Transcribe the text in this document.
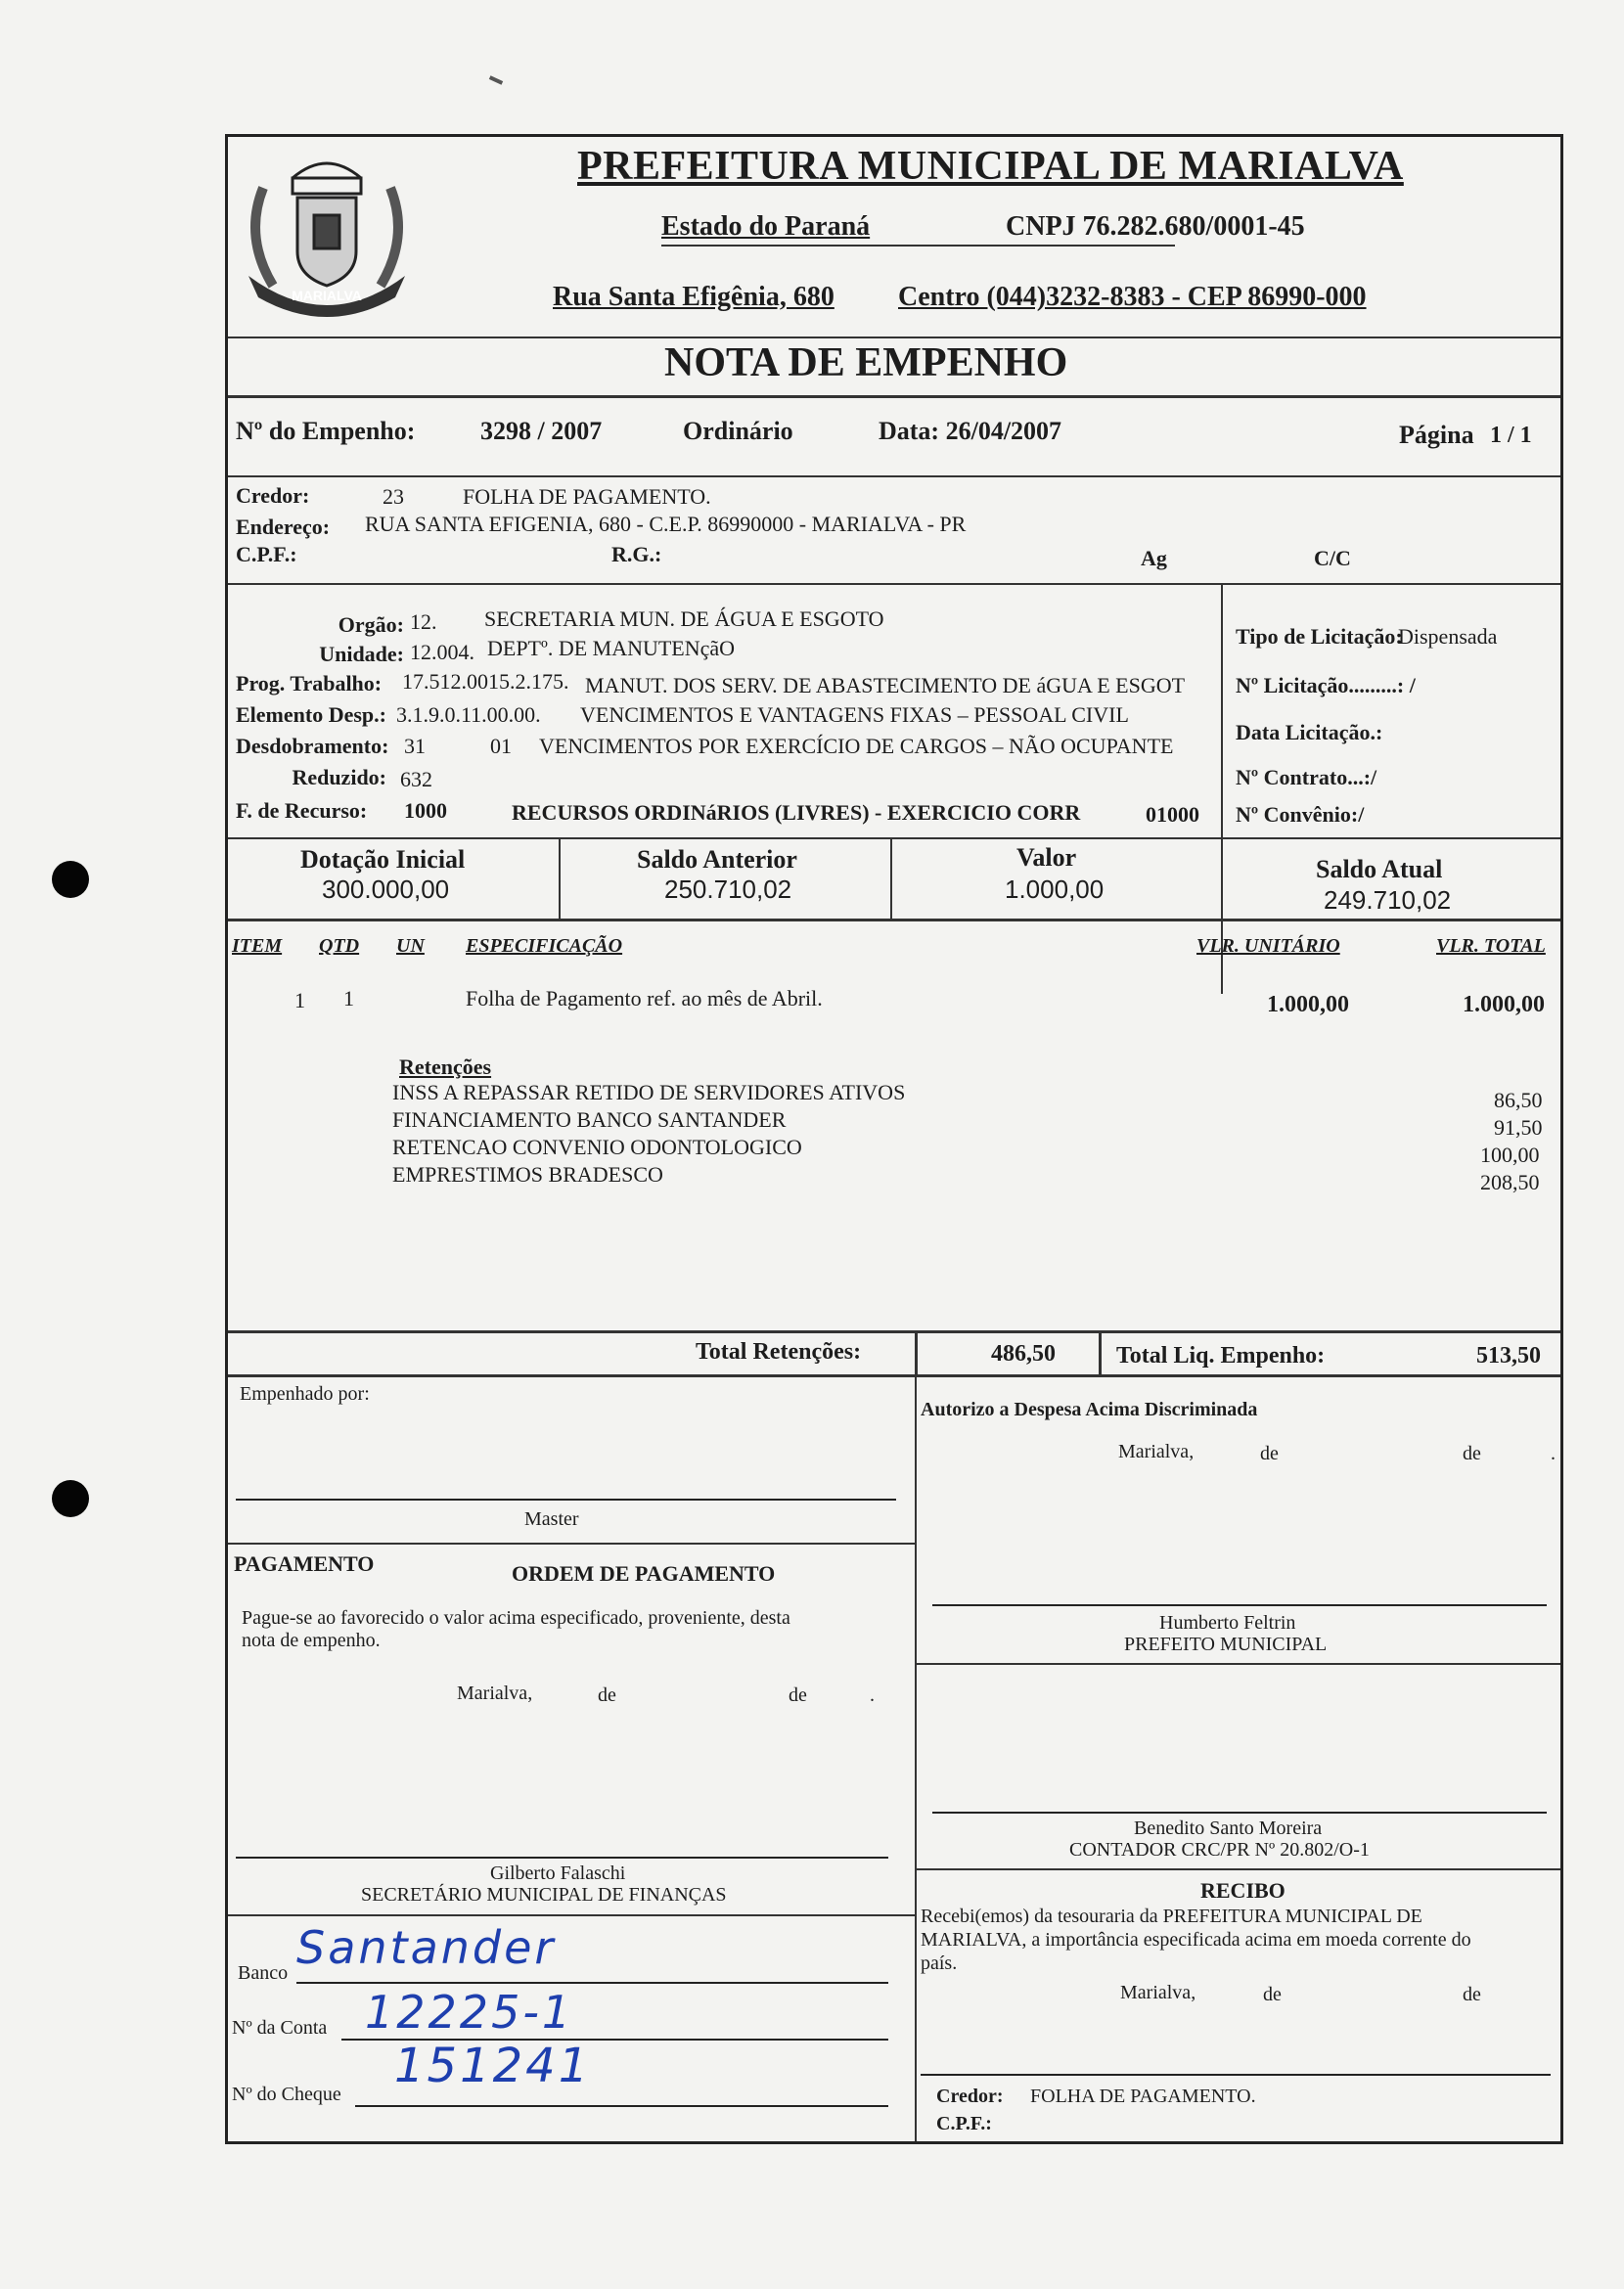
MARIALVA
PREFEITURA MUNICIPAL DE MARIALVA
Estado do Paraná	CNPJ 76.282.680/0001-45
Rua Santa Efigênia, 680 Centro (044)3232-8383 - CEP 86990-000
NOTA DE EMPENHO
Nº do Empenho:	3298 / 2007	Ordinário	Data: 26/04/2007	Página 1 / 1
Credor:	23	FOLHA DE PAGAMENTO.
Endereço: RUA SANTA EFIGENIA, 680 - C.E.P. 86990000 - MARIALVA - PR
C.P.F.:	R.G.:	Ag	C/C
Orgão: 12. SECRETARIA MUN. DE ÁGUA E ESGOTO
Unidade: 12.004. DEPTº. DE MANUTENçãO
Prog. Trabalho: 17.512.0015.2.175. MANUT. DOS SERV. DE ABASTECIMENTO DE áGUA E ESGOT
Elemento Desp.: 3.1.9.0.11.00.00. VENCIMENTOS E VANTAGENS FIXAS – PESSOAL CIVIL
Desdobramento: 31	01 VENCIMENTOS POR EXERCÍCIO DE CARGOS – NÃO OCUPANTE
Reduzido: 632
F. de Recurso: 1000	RECURSOS ORDINáRIOS (LIVRES) - EXERCICIO CORR	01000
Tipo de Licitação:
Dispensada
Nº Licitação.........: /
Data Licitação.:
Nº Contrato...:/
Nº Convênio:/
Dotação Inicial
300.000,00
Saldo Anterior
250.710,02
Valor
1.000,00
Saldo Atual
249.710,02
ITEM QTD UN ESPECIFICAÇÃO	VLR. UNITÁRIO	VLR. TOTAL
1 1	Folha de Pagamento ref. ao mês de Abril.	1.000,00	1.000,00
Retenções
INSS A REPASSAR RETIDO DE SERVIDORES ATIVOS	86,50
FINANCIAMENTO BANCO SANTANDER	91,50
RETENCAO CONVENIO ODONTOLOGICO	100,00
EMPRESTIMOS BRADESCO	208,50
Total Retenções:	486,50	Total Liq. Empenho:	513,50
Empenhado por:
Master
PAGAMENTO	ORDEM DE PAGAMENTO
Pague-se ao favorecido o valor acima especificado, proveniente, desta
nota de empenho.
Marialva,	de	de	.
Gilberto Falaschi
SECRETÁRIO MUNICIPAL DE FINANÇAS
Banco Santander
Nº da Conta 12225-1
Nº do Cheque
151241
Autorizo a Despesa Acima Discriminada
Marialva,	de	de	.
Humberto Feltrin
PREFEITO MUNICIPAL
Benedito Santo Moreira
CONTADOR CRC/PR Nº 20.802/O-1
RECIBO
Recebi(emos) da tesouraria da PREFEITURA MUNICIPAL DE
MARIALVA, a importância especificada acima em moeda corrente do
país.
Marialva,	de	de
Credor: FOLHA DE PAGAMENTO.
C.P.F.:
